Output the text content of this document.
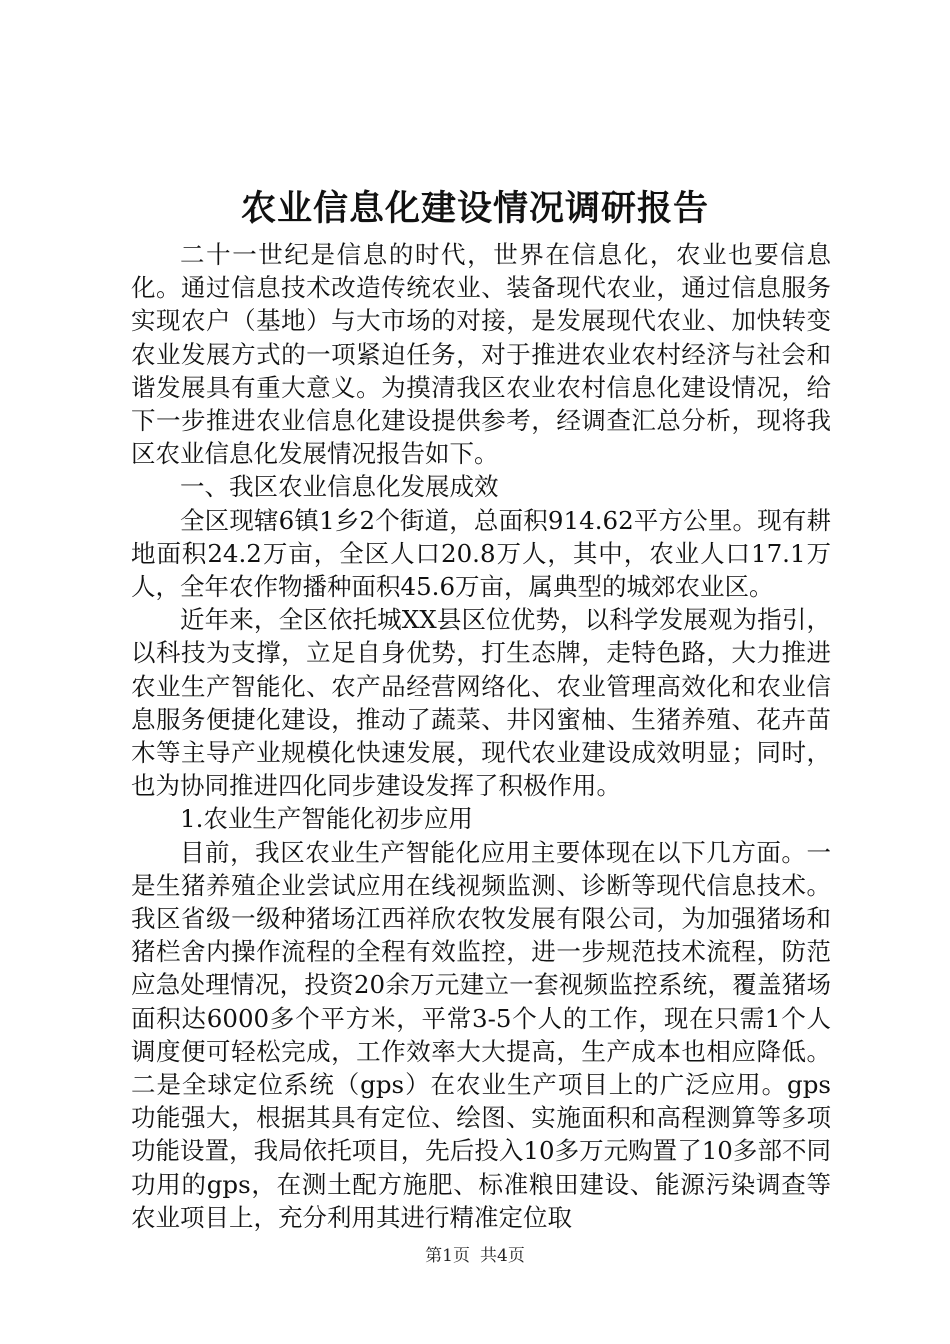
农业信息化建设情况调研报告

二十一世纪是信息的时代，世界在信息化，农业也要信息化。通过信息技术改造传统农业、装备现代农业，通过信息服务实现农户（基地）与大市场的对接，是发展现代农业、加快转变农业发展方式的一项紧迫任务，对于推进农业农村经济与社会和谐发展具有重大意义。为摸清我区农业农村信息化建设情况，给下一步推进农业信息化建设提供参考，经调查汇总分析，现将我区农业信息化发展情况报告如下。

一、我区农业信息化发展成效

全区现辖6镇1乡2个街道，总面积914.62平方公里。现有耕地面积24.2万亩，全区人口20.8万人，其中，农业人口17.1万人，全年农作物播种面积45.6万亩，属典型的城郊农业区。

近年来，全区依托城XX县区位优势，以科学发展观为指引，以科技为支撑，立足自身优势，打生态牌，走特色路，大力推进农业生产智能化、农产品经营网络化、农业管理高效化和农业信息服务便捷化建设，推动了蔬菜、井冈蜜柚、生猪养殖、花卉苗木等主导产业规模化快速发展，现代农业建设成效明显；同时，也为协同推进四化同步建设发挥了积极作用。

1.农业生产智能化初步应用

目前，我区农业生产智能化应用主要体现在以下几方面。一是生猪养殖企业尝试应用在线视频监测、诊断等现代信息技术。我区省级一级种猪场江西祥欣农牧发展有限公司，为加强猪场和猪栏舍内操作流程的全程有效监控，进一步规范技术流程，防范应急处理情况，投资20余万元建立一套视频监控系统，覆盖猪场面积达6000多个平方米，平常3-5个人的工作，现在只需1个人调度便可轻松完成，工作效率大大提高，生产成本也相应降低。二是全球定位系统（gps）在农业生产项目上的广泛应用。gps功能强大，根据其具有定位、绘图、实施面积和高程测算等多项功能设置，我局依托项目，先后投入10多万元购置了10多部不同功用的gps，在测土配方施肥、标准粮田建设、能源污染调查等农业项目上，充分利用其进行精准定位取

第1页 共4页
